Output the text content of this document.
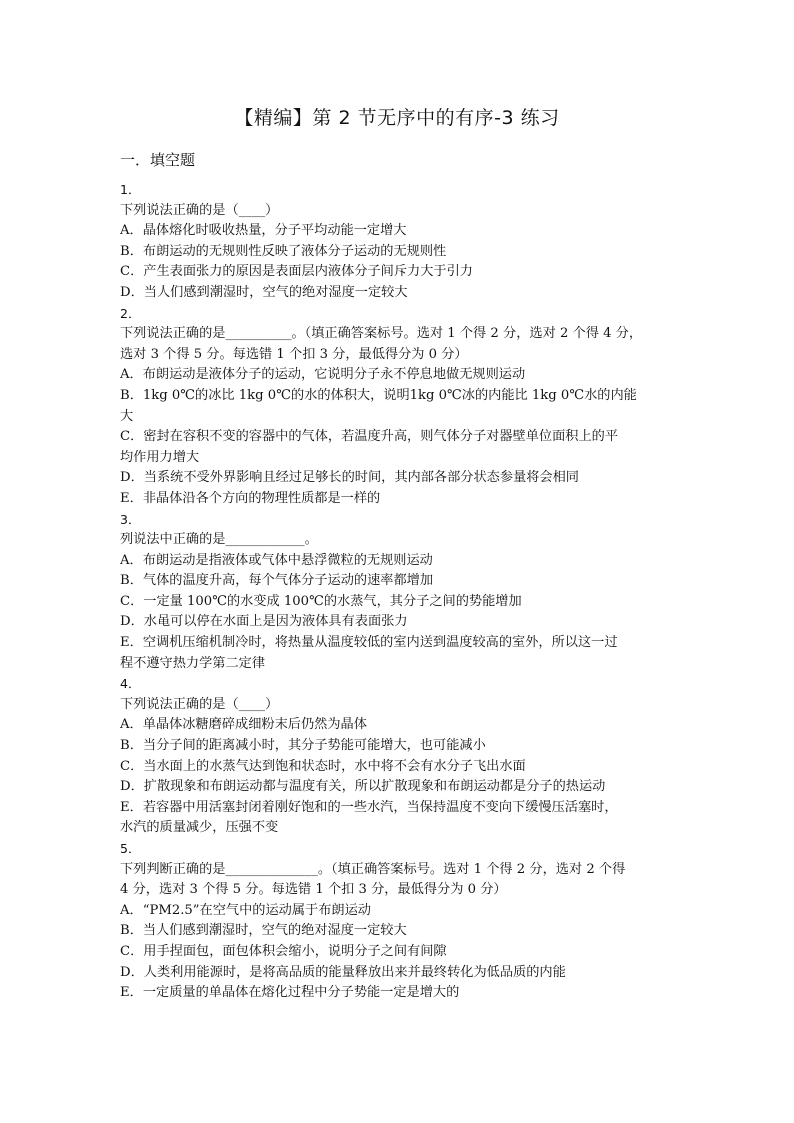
【精编】第 2 节无序中的有序-3 练习
一．填空题
1．
下列说法正确的是（____）
A．晶体熔化时吸收热量，分子平均动能一定增大
B．布朗运动的无规则性反映了液体分子运动的无规则性
C．产生表面张力的原因是表面层内液体分子间斥力大于引力
D．当人们感到潮湿时，空气的绝对湿度一定较大
2．
下列说法正确的是__________。（填正确答案标号。选对 1 个得 2 分，选对 2 个得 4 分，
选对 3 个得 5 分。每选错 1 个扣 3 分，最低得分为 0 分）
A．布朗运动是液体分子的运动，它说明分子永不停息地做无规则运动
B．1kg 0℃的冰比 1kg 0℃的水的体积大，说明1kg 0℃冰的内能比 1kg 0℃水的内能
大
C．密封在容积不变的容器中的气体，若温度升高，则气体分子对器壁单位面积上的平
均作用力增大
D．当系统不受外界影响且经过足够长的时间，其内部各部分状态参量将会相同
E．非晶体沿各个方向的物理性质都是一样的
3．
列说法中正确的是____________。
A．布朗运动是指液体或气体中悬浮微粒的无规则运动
B．气体的温度升高，每个气体分子运动的速率都增加
C．一定量 100℃的水变成 100℃的水蒸气，其分子之间的势能增加
D．水黾可以停在水面上是因为液体具有表面张力
E．空调机压缩机制冷时，将热量从温度较低的室内送到温度较高的室外，所以这一过
程不遵守热力学第二定律
4．
下列说法正确的是（____）
A．单晶体冰糖磨碎成细粉末后仍然为晶体
B．当分子间的距离减小时，其分子势能可能增大，也可能减小
C．当水面上的水蒸气达到饱和状态时，水中将不会有水分子飞出水面
D．扩散现象和布朗运动都与温度有关，所以扩散现象和布朗运动都是分子的热运动
E．若容器中用活塞封闭着刚好饱和的一些水汽，当保持温度不变向下缓慢压活塞时，
水汽的质量减少，压强不变
5．
下列判断正确的是______________。（填正确答案标号。选对 1 个得 2 分，选对 2 个得
4 分，选对 3 个得 5 分。每选错 1 个扣 3 分，最低得分为 0 分）
A．“PM2.5”在空气中的运动属于布朗运动
B．当人们感到潮湿时，空气的绝对湿度一定较大
C．用手捏面包，面包体积会缩小，说明分子之间有间隙
D．人类利用能源时，是将高品质的能量释放出来并最终转化为低品质的内能
E．一定质量的单晶体在熔化过程中分子势能一定是增大的
